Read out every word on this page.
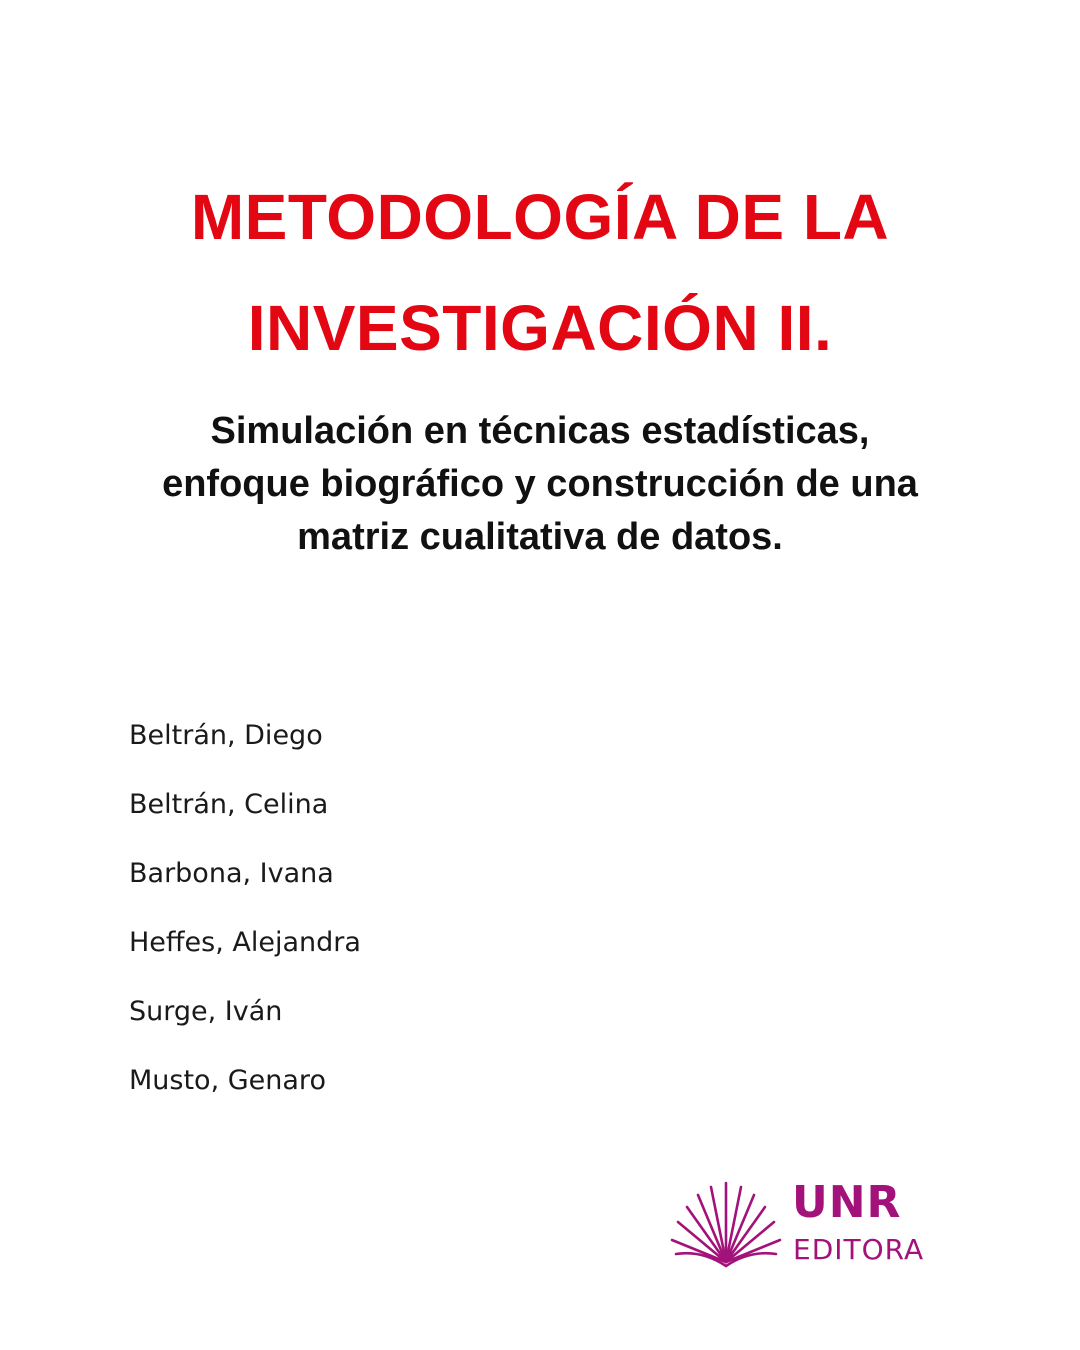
METODOLOGÍA DE LA
INVESTIGACIÓN II.
Simulación en técnicas estadísticas,
enfoque biográfico y construcción de una
matriz cualitativa de datos.
Beltrán, Diego
Beltrán, Celina
Barbona, Ivana
Heffes, Alejandra
Surge, Iván
Musto, Genaro
UNR
EDITORA
